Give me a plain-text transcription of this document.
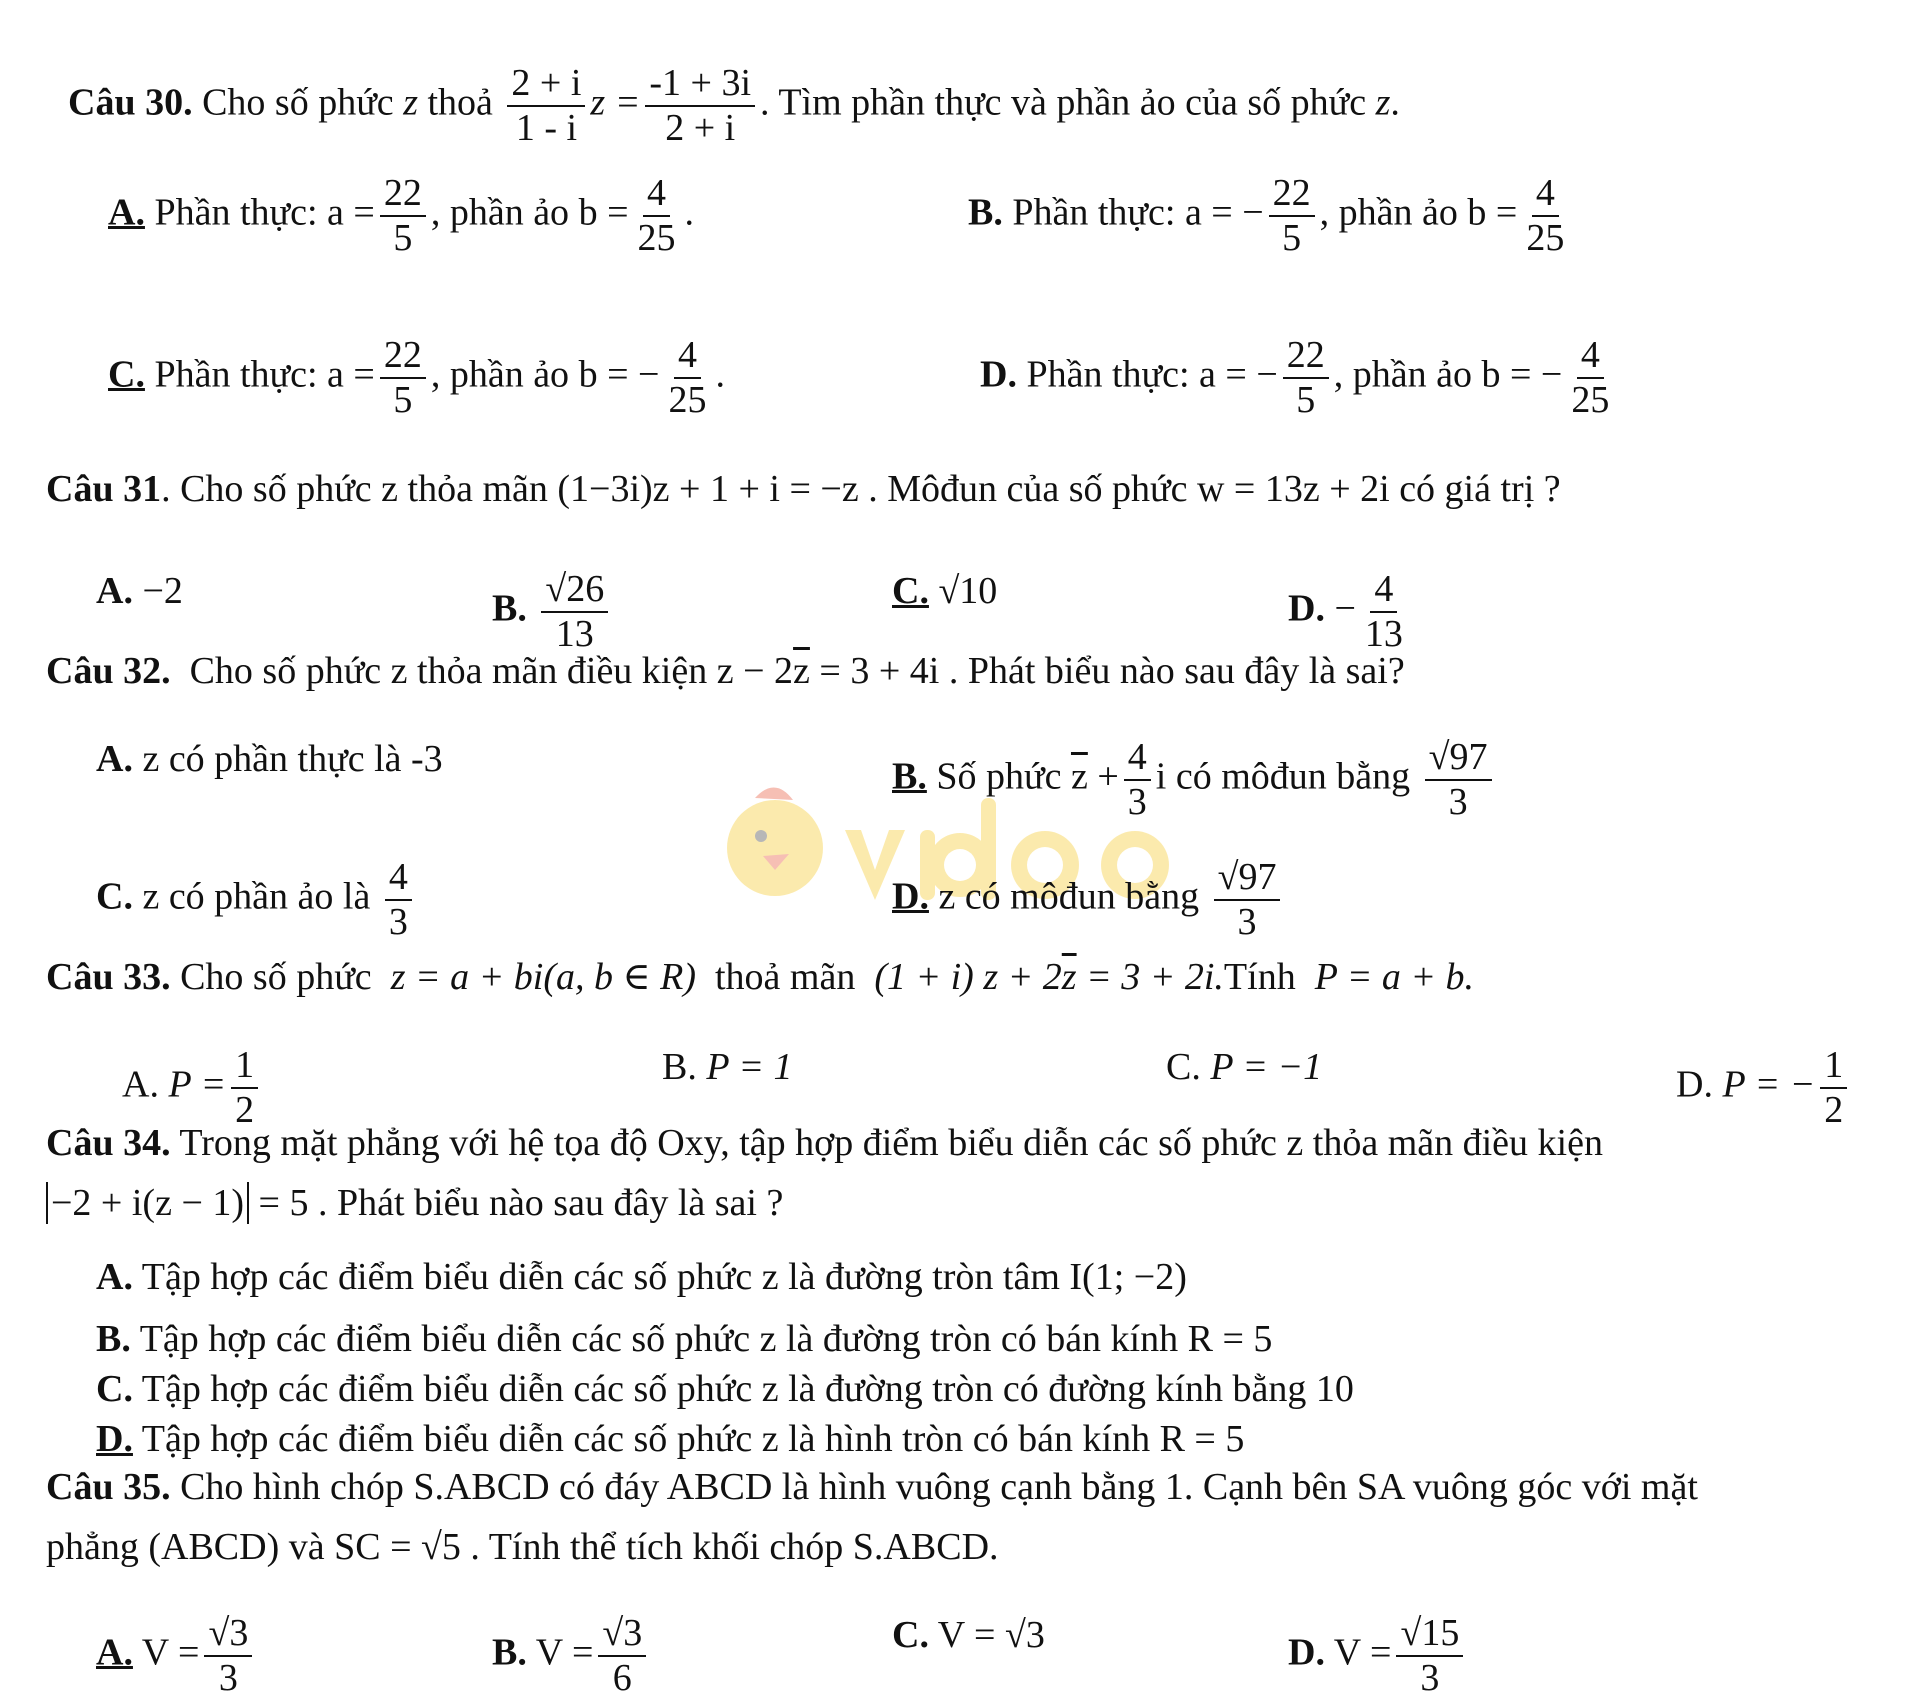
Câu 30. Cho số phức z thoả $\frac{2 + i}{1 - i}$ $z = \frac{-1 + 3i}{2 + i}$ . Tìm phần thực và phần ảo của số phức z.
A. Phần thực: $a = \frac{22}{5}$ , phần ảo $b = \frac{4}{25}$ .	B. Phần thực: a = − $\frac{22}{5}$ , phần ảo $b = \frac{4}{25}$
C. Phần thực: $a = \frac{22}{5}$ , phần ảo b = − $\frac{4}{25}$ .	D. Phần thực: a = − $\frac{22}{5}$ , phần ảo b = − $\frac{4}{25}$
Câu 31. Cho số phức z thỏa mãn (1−3i)z + 1 + i = −z . Môđun của số phức w = 13z + 2i có giá trị ?
A. −2	B. $\frac{√26}{13}$	C. √10	D. − $\frac{4}{13}$
Câu 32. Cho số phức z thỏa mãn điều kiện $z - 2\overline{z} = 3 + 4i$ . Phát biểu nào sau đây là sai?
A. z có phần thực là -3	B. Số phức $\overline{z} + \frac{4}{3}$ i có môđun bằng $\frac{√97}{3}$
C. z có phần ảo là $\frac{4}{3}$	D. z có môđun bằng $\frac{√97}{3}$
Câu 33. Cho số phức z = a + bi(a, b ∈ R) thoả mãn (1 + i) $z + 2\overline{z} = 3$ + 2i.Tính P = a + b.
A. $P = \frac{1}{2}$	B. P = 1	C. P = −1	D. P = − $\frac{1}{2}$
Câu 34. Trong mặt phẳng với hệ tọa độ Oxy, tập hợp điểm biểu diễn các số phức z thỏa mãn điều kiện
−2 + i(z − 1) = 5 . Phát biểu nào sau đây là sai ?
A. Tập hợp các điểm biểu diễn các số phức z là đường tròn tâm I(1; −2)
B. Tập hợp các điểm biểu diễn các số phức z là đường tròn có bán kính R = 5
C. Tập hợp các điểm biểu diễn các số phức z là đường tròn có đường kính bằng 10
D. Tập hợp các điểm biểu diễn các số phức z là hình tròn có bán kính R = 5
Câu 35. Cho hình chóp S.ABCD có đáy ABCD là hình vuông cạnh bằng 1. Cạnh bên SA vuông góc với mặt
phẳng (ABCD) và SC = √5 . Tính thể tích khối chóp S.ABCD.
A. $V = \frac{√3}{3}$	B. $V = \frac{√3}{6}$	C. V = √3	D. $V = \frac{√15}{3}$
